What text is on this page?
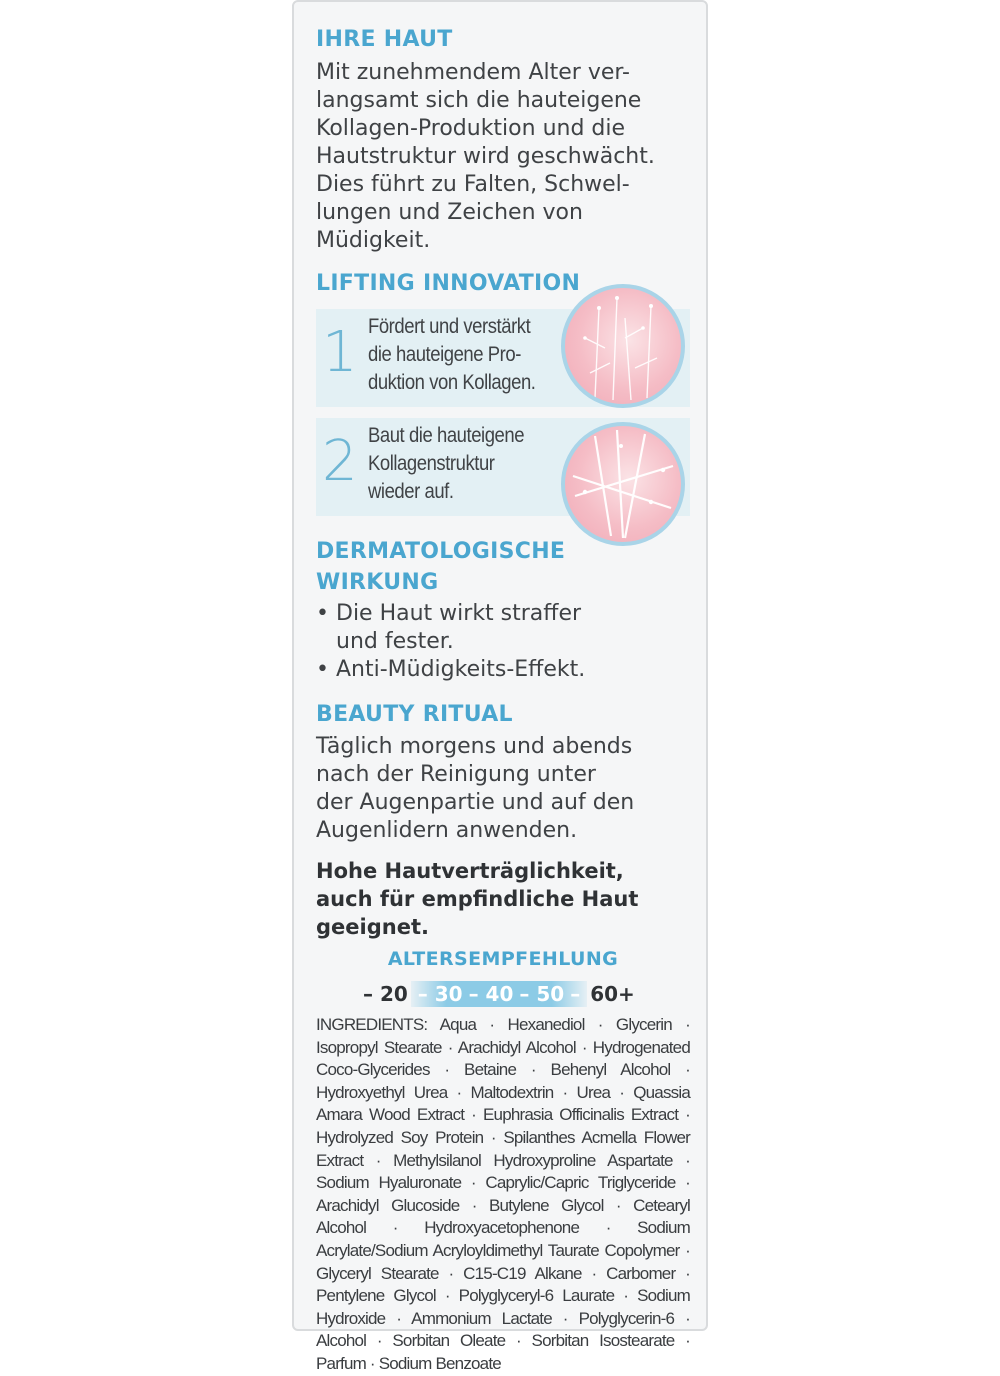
IHRE HAUT

Mit zunehmendem Alter ver-
langsamt sich die hauteigene
Kollagen-Produktion und die
Hautstruktur wird geschwächt.
Dies führt zu Falten, Schwel-
lungen und Zeichen von
Müdigkeit.

LIFTING INNOVATION
1 Fördert und verstärkt
die hauteigene Pro-
duktion von Kollagen.
2 Baut die hauteigene
Kollagenstruktur
wieder auf.
DERMATOLOGISCHE
WIRKUNG
• Die Haut wirkt straffer
und fester.
• Anti-Müdigkeits-Effekt.
BEAUTY RITUAL

Täglich morgens und abends
nach der Reinigung unter
der Augenpartie und auf den
Augenlidern anwenden.

Hohe Hautverträglichkeit,
auch für empfindliche Haut
geeignet.
ALTERSEMPFEHLUNG
– 20 – 30 – 40 – 50 – 60+
INGREDIENTS: Aqua · Hexanediol · Glycerin · Isopropyl Stearate · Arachidyl Alcohol · Hydrogenated Coco-Glycerides · Betaine · Behenyl Alcohol · Hydroxyethyl Urea · Maltodextrin · Urea · Quassia Amara Wood Extract · Euphrasia Officinalis Extract · Hydrolyzed Soy Protein · Spilanthes Acmella Flower Extract · Methylsilanol Hydroxyproline Aspartate · Sodium Hyaluronate · Caprylic/Capric Triglyceride · Arachidyl Glucoside · Butylene Glycol · Cetearyl Alcohol · Hydroxyacetophenone · Sodium Acrylate/Sodium Acryloyldimethyl Taurate Copolymer · Glyceryl Stearate · C15-C19 Alkane · Carbomer · Pentylene Glycol · Polyglyceryl-6 Laurate · Sodium Hydroxide · Ammonium Lactate · Polyglycerin-6 · Alcohol · Sorbitan Oleate · Sorbitan Isostearate · Parfum · Sodium Benzoate
